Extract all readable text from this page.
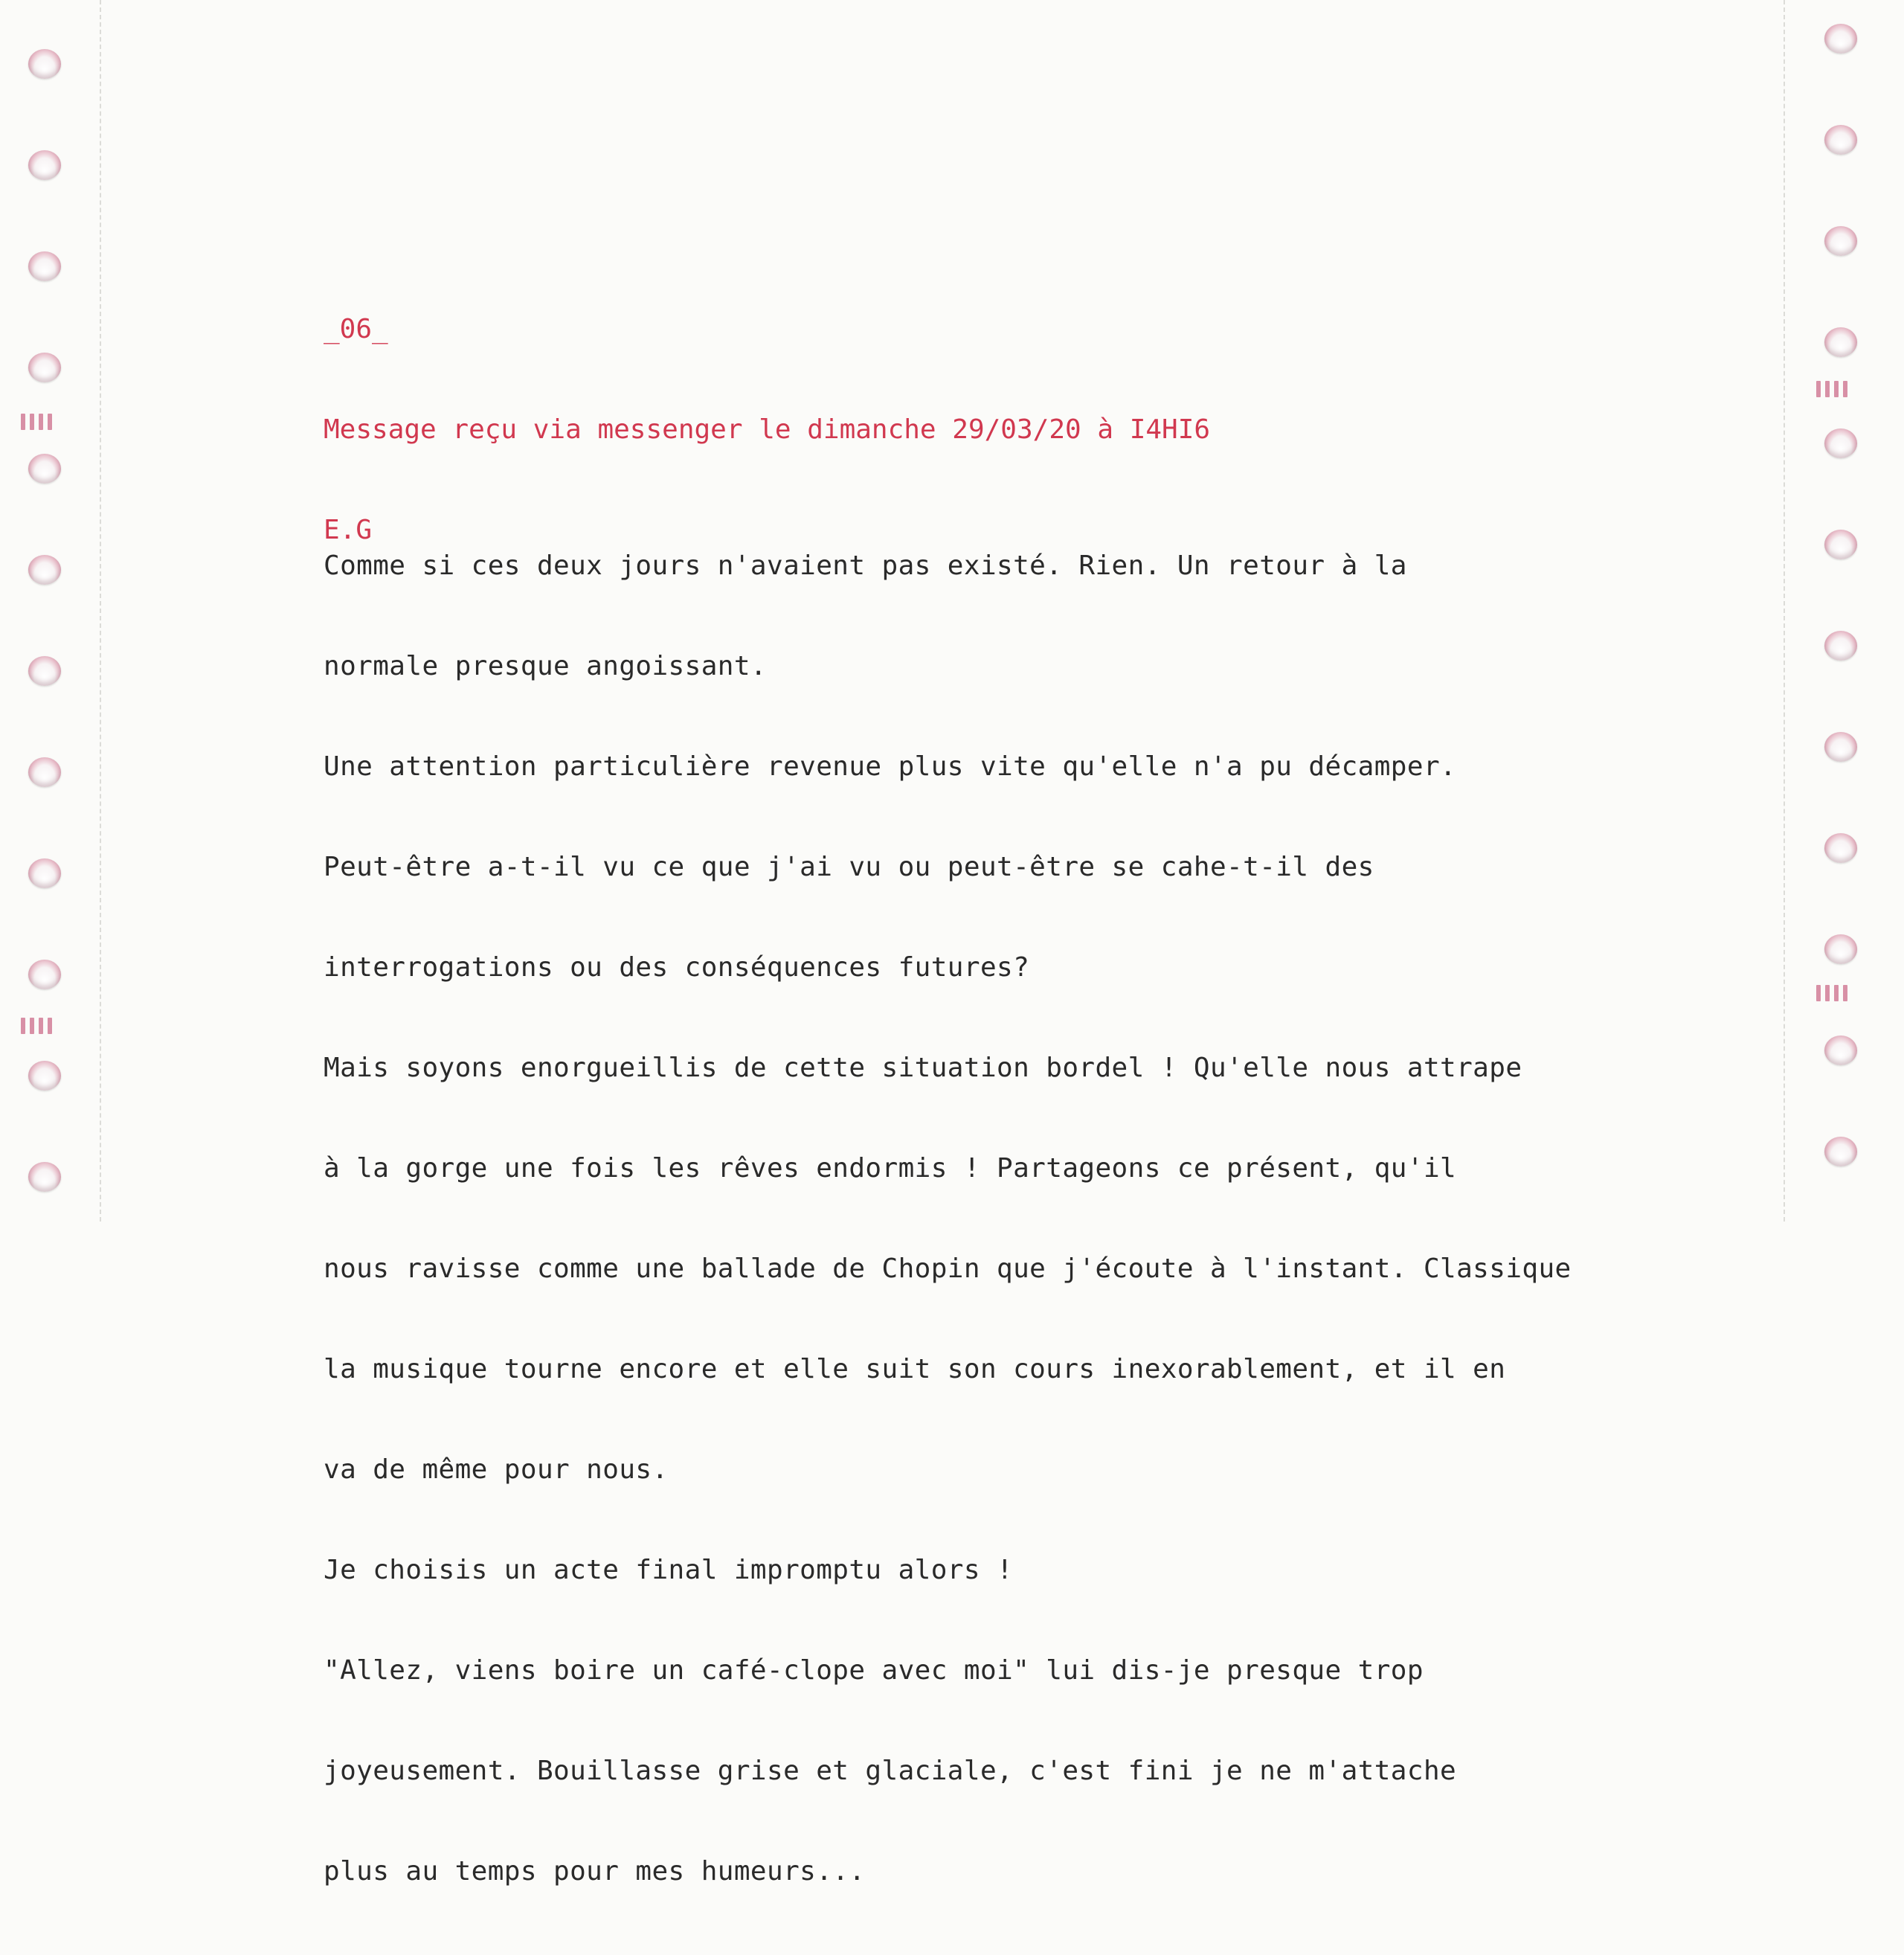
_06_

Message reçu via messenger le dimanche 29/03/20 à I4HI6

E.G

Comme si ces deux jours n'avaient pas existé. Rien. Un retour à la

normale presque angoissant.

Une attention particulière revenue plus vite qu'elle n'a pu décamper.

Peut-être a-t-il vu ce que j'ai vu ou peut-être se cahe-t-il des

interrogations ou des conséquences futures?

Mais soyons enorgueillis de cette situation bordel ! Qu'elle nous attrape

à la gorge une fois les rêves endormis ! Partageons ce présent, qu'il

nous ravisse comme une ballade de Chopin que j'écoute à l'instant. Classique

la musique tourne encore et elle suit son cours inexorablement, et il en

va de même pour nous.

Je choisis un acte final impromptu alors !

"Allez, viens boire un café-clope avec moi" lui dis-je presque trop

joyeusement. Bouillasse grise et glaciale, c'est fini je ne m'attache

plus au temps pour mes humeurs...
